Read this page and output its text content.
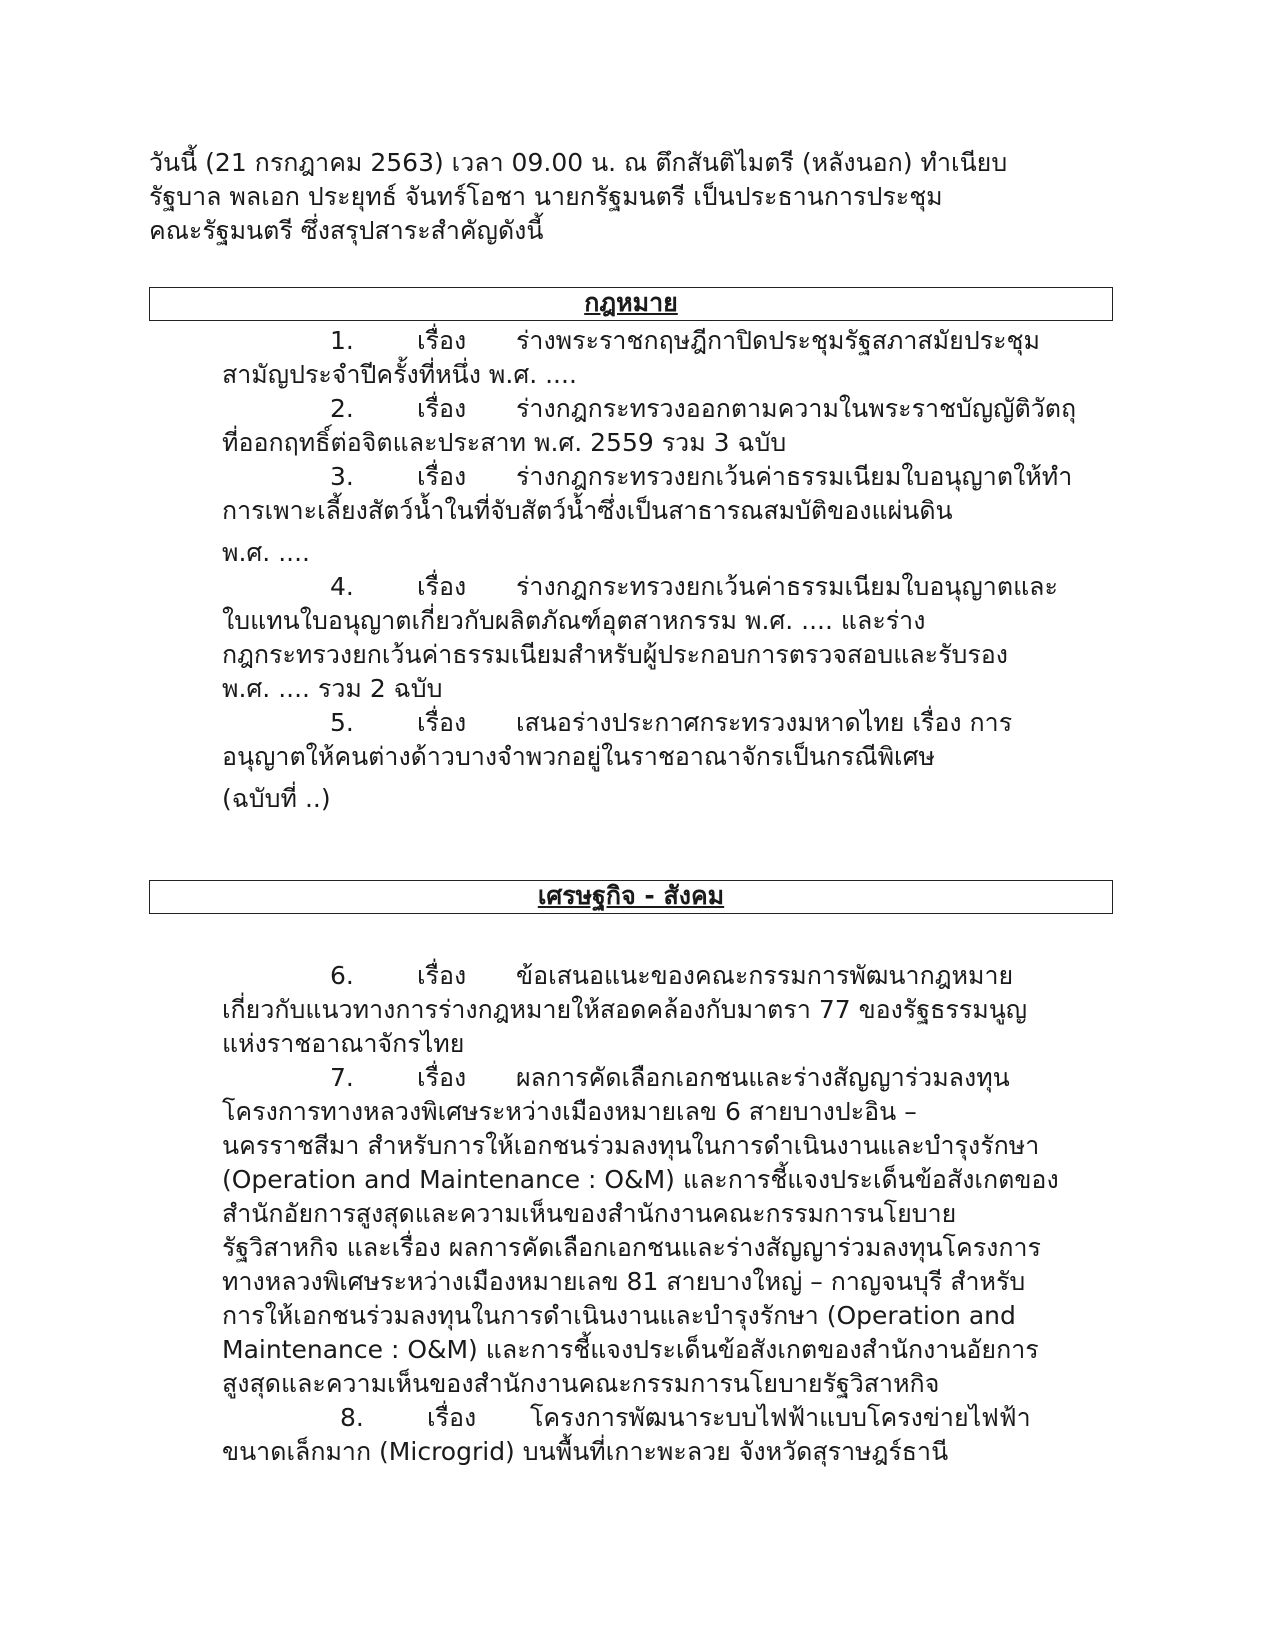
วันนี้ (21 กรกฎาคม 2563) เวลา 09.00 น. ณ ตึกสันติไมตรี (หลังนอก) ทำเนียบ
รัฐบาล พลเอก ประยุทธ์ จันทร์โอชา นายกรัฐมนตรี เป็นประธานการประชุม
คณะรัฐมนตรี ซึ่งสรุปสาระสำคัญดังนี้
กฎหมาย
1.	เรื่อง ร่างพระราชกฤษฎีกาปิดประชุมรัฐสภาสมัยประชุม
สามัญประจำปีครั้งที่หนึ่ง พ.ศ. ....
2.	เรื่อง ร่างกฎกระทรวงออกตามความในพระราชบัญญัติวัตถุ
ที่ออกฤทธิ์ต่อจิตและประสาท พ.ศ. 2559 รวม 3 ฉบับ
3.	เรื่อง ร่างกฎกระทรวงยกเว้นค่าธรรมเนียมใบอนุญาตให้ทำ
การเพาะเลี้ยงสัตว์น้ำในที่จับสัตว์น้ำซึ่งเป็นสาธารณสมบัติของแผ่นดิน
พ.ศ. ....
4.	เรื่อง ร่างกฎกระทรวงยกเว้นค่าธรรมเนียมใบอนุญาตและ
ใบแทนใบอนุญาตเกี่ยวกับผลิตภัณฑ์อุตสาหกรรม พ.ศ. .... และร่าง
กฎกระทรวงยกเว้นค่าธรรมเนียมสำหรับผู้ประกอบการตรวจสอบและรับรอง
พ.ศ. .... รวม 2 ฉบับ
5.	เรื่อง เสนอร่างประกาศกระทรวงมหาดไทย เรื่อง การ
อนุญาตให้คนต่างด้าวบางจำพวกอยู่ในราชอาณาจักรเป็นกรณีพิเศษ
(ฉบับที่ ..)
เศรษฐกิจ - สังคม
6.	เรื่อง ข้อเสนอแนะของคณะกรรมการพัฒนากฎหมาย
เกี่ยวกับแนวทางการร่างกฎหมายให้สอดคล้องกับมาตรา 77 ของรัฐธรรมนูญ
แห่งราชอาณาจักรไทย
7.	เรื่อง ผลการคัดเลือกเอกชนและร่างสัญญาร่วมลงทุน
โครงการทางหลวงพิเศษระหว่างเมืองหมายเลข 6 สายบางปะอิน –
นครราชสีมา สำหรับการให้เอกชนร่วมลงทุนในการดำเนินงานและบำรุงรักษา
(Operation and Maintenance : O&M) และการชี้แจงประเด็นข้อสังเกตของ
สำนักอัยการสูงสุดและความเห็นของสำนักงานคณะกรรมการนโยบาย
รัฐวิสาหกิจ และเรื่อง ผลการคัดเลือกเอกชนและร่างสัญญาร่วมลงทุนโครงการ
ทางหลวงพิเศษระหว่างเมืองหมายเลข 81 สายบางใหญ่ – กาญจนบุรี สำหรับ
การให้เอกชนร่วมลงทุนในการดำเนินงานและบำรุงรักษา (Operation and
Maintenance : O&M) และการชี้แจงประเด็นข้อสังเกตของสำนักงานอัยการ
สูงสุดและความเห็นของสำนักงานคณะกรรมการนโยบายรัฐวิสาหกิจ
8.	เรื่อง โครงการพัฒนาระบบไฟฟ้าแบบโครงข่ายไฟฟ้า
ขนาดเล็กมาก (Microgrid) บนพื้นที่เกาะพะลวย จังหวัดสุราษฎร์ธานี
